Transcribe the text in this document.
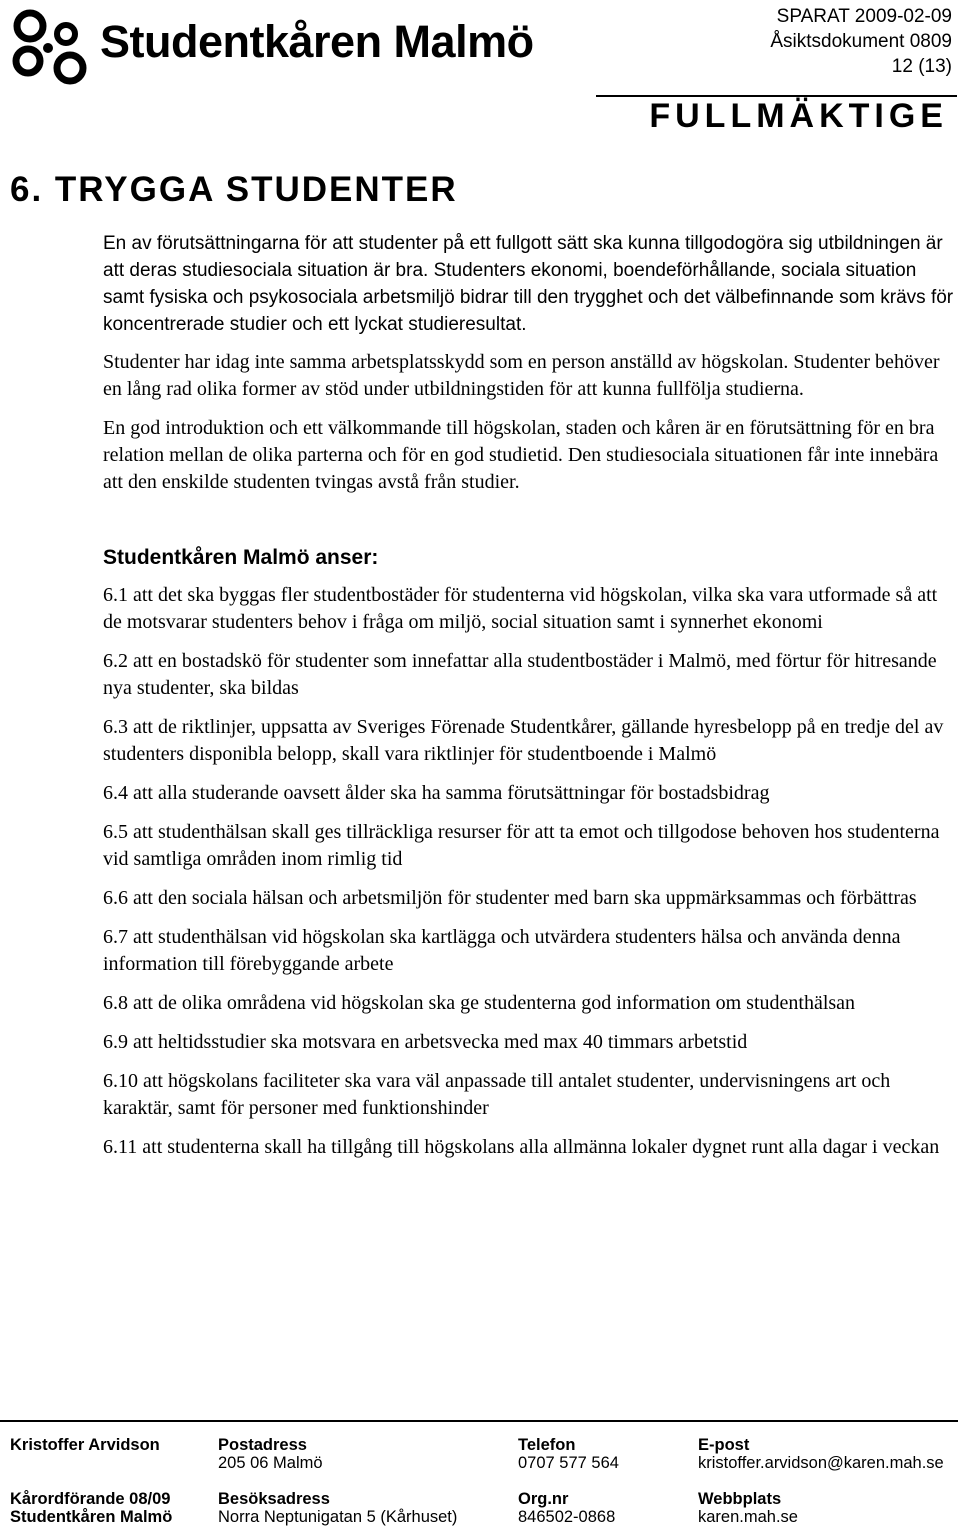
Studentkåren Malmö	SPARAT 2009-02-09
Åsiktsdokument 0809
12 (13)
FULLMÄKTIGE
6. TRYGGA STUDENTER

En av förutsättningarna för att studenter på ett fullgott sätt ska kunna tillgodogöra sig utbildningen är att deras studiesociala situation är bra. Studenters ekonomi, boendeförhållande, sociala situation samt fysiska och psykosociala arbetsmiljö bidrar till den trygghet och det välbefinnande som krävs för koncentrerade studier och ett lyckat studieresultat.

Studenter har idag inte samma arbetsplatsskydd som en person anställd av högskolan. Studenter behöver en lång rad olika former av stöd under utbildningstiden för att kunna fullfölja studierna.

En god introduktion och ett välkommande till högskolan, staden och kåren är en förutsättning för en bra relation mellan de olika parterna och för en god studietid. Den studiesociala situationen får inte innebära att den enskilde studenten tvingas avstå från studier.

Studentkåren Malmö anser:

6.1 att det ska byggas fler studentbostäder för studenterna vid högskolan, vilka ska vara utformade så att de motsvarar studenters behov i fråga om miljö, social situation samt i synnerhet ekonomi

6.2 att en bostadskö för studenter som innefattar alla studentbostäder i Malmö, med förtur för hitresande nya studenter, ska bildas

6.3 att de riktlinjer, uppsatta av Sveriges Förenade Studentkårer, gällande hyresbelopp på en tredje del av studenters disponibla belopp, skall vara riktlinjer för studentboende i Malmö

6.4 att alla studerande oavsett ålder ska ha samma förutsättningar för bostadsbidrag

6.5 att studenthälsan skall ges tillräckliga resurser för att ta emot och tillgodose behoven hos studenterna vid samtliga områden inom rimlig tid

6.6 att den sociala hälsan och arbetsmiljön för studenter med barn ska uppmärksammas och förbättras

6.7 att studenthälsan vid högskolan ska kartlägga och utvärdera studenters hälsa och använda denna information till förebyggande arbete

6.8 att de olika områdena vid högskolan ska ge studenterna god information om studenthälsan

6.9 att heltidsstudier ska motsvara en arbetsvecka med max 40 timmars arbetstid

6.10 att högskolans faciliteter ska vara väl anpassade till antalet studenter, undervisningens art och karaktär, samt för personer med funktionshinder

6.11 att studenterna skall ha tillgång till högskolans alla allmänna lokaler dygnet runt alla dagar i veckan

Kristoffer Arvidson
Kårordförande 08/09
Studentkåren Malmö
Postadress
205 06 Malmö
Besöksadress
Norra Neptunigatan 5 (Kårhuset)
Telefon
0707 577 564
Org.nr
846502-0868
E-post
kristoffer.arvidson@karen.mah.se
Webbplats
karen.mah.se
